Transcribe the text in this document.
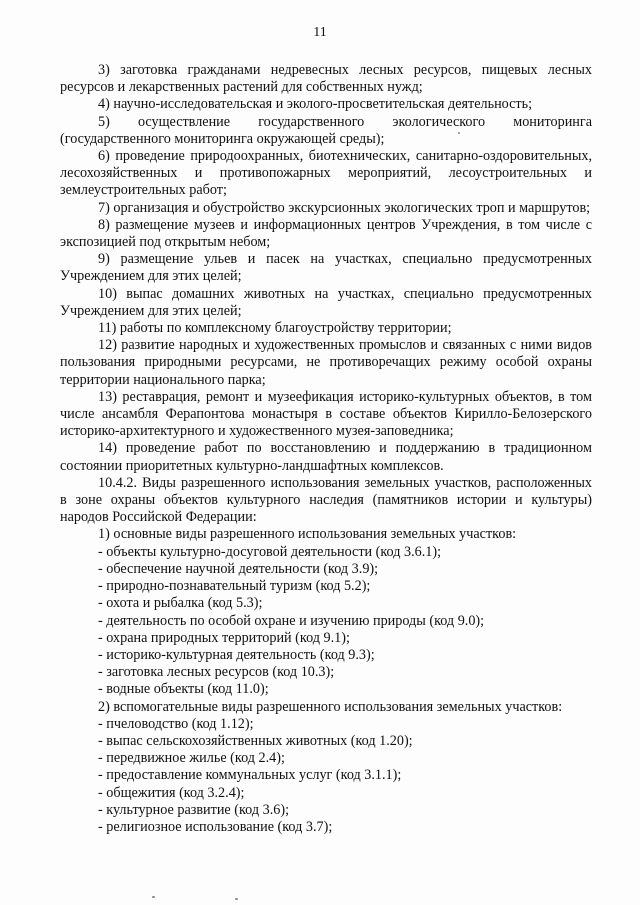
11

3) заготовка гражданами недревесных лесных ресурсов, пищевых лесных ресурсов и лекарственных растений для собственных нужд;

4) научно-исследовательская и эколого-просветительская деятельность;

5) осуществление государственного экологического мониторинга (государственного мониторинга окружающей среды);

6) проведение природоохранных, биотехнических, санитарно-оздоровительных, лесохозяйственных и противопожарных мероприятий, лесоустроительных и землеустроительных работ;

7) организация и обустройство экскурсионных экологических троп и маршрутов;

8) размещение музеев и информационных центров Учреждения, в том числе с экспозицией под открытым небом;

9) размещение ульев и пасек на участках, специально предусмотренных Учреждением для этих целей;

10) выпас домашних животных на участках, специально предусмотренных Учреждением для этих целей;

11) работы по комплексному благоустройству территории;

12) развитие народных и художественных промыслов и связанных с ними видов пользования природными ресурсами, не противоречащих режиму особой охраны территории национального парка;

13) реставрация, ремонт и музеефикация историко-культурных объектов, в том числе ансамбля Ферапонтова монастыря в составе объектов Кирилло-Белозерского историко-архитектурного и художественного музея-заповедника;

14) проведение работ по восстановлению и поддержанию в традиционном состоянии приоритетных культурно-ландшафтных комплексов.

10.4.2. Виды разрешенного использования земельных участков, расположенных в зоне охраны объектов культурного наследия (памятников истории и культуры) народов Российской Федерации:

1) основные виды разрешенного использования земельных участков:

- объекты культурно-досуговой деятельности (код 3.6.1);

- обеспечение научной деятельности (код 3.9);

- природно-познавательный туризм (код 5.2);

- охота и рыбалка (код 5.3);

- деятельность по особой охране и изучению природы (код 9.0);

- охрана природных территорий (код 9.1);

- историко-культурная деятельность (код 9.3);

- заготовка лесных ресурсов (код 10.3);

- водные объекты (код 11.0);

2) вспомогательные виды разрешенного использования земельных участков:

- пчеловодство (код 1.12);

- выпас сельскохозяйственных животных (код 1.20);

- передвижное жилье (код 2.4);

- предоставление коммунальных услуг (код 3.1.1);

- общежития (код 3.2.4);

- культурное развитие (код 3.6);

- религиозное использование (код 3.7);
